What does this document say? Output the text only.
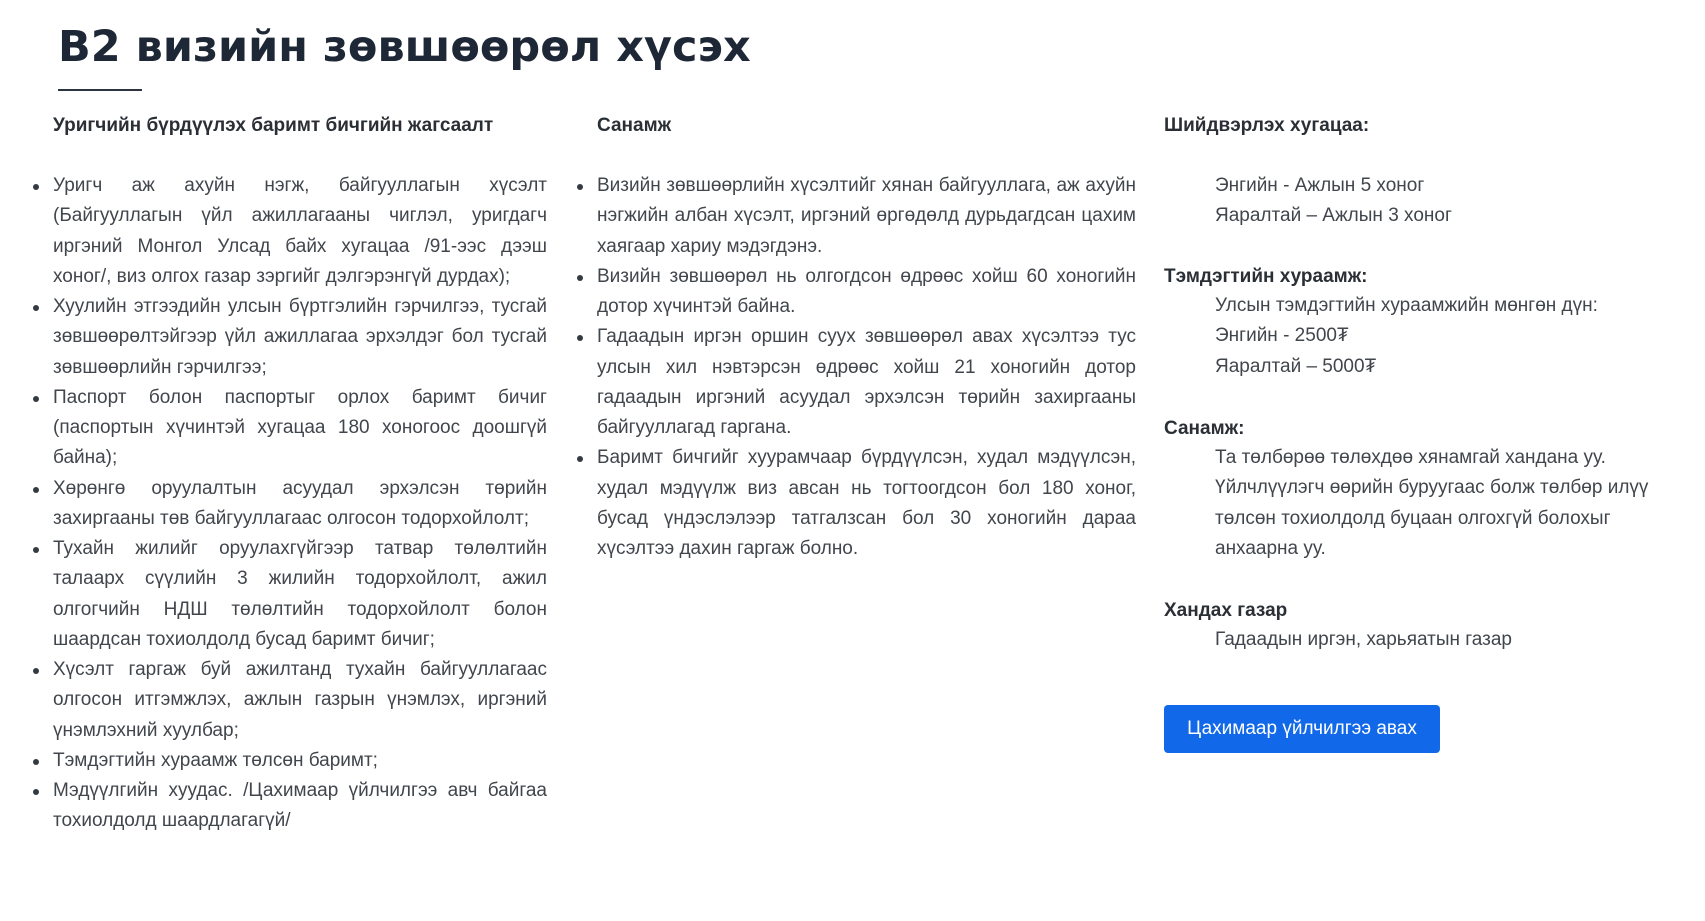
B2 визийн зөвшөөрөл хүсэх
Уригчийн бүрдүүлэх баримт бичгийн жагсаалт
Уригч аж ахуйн нэгж, байгууллагын хүсэлт (Байгууллагын үйл ажиллагааны чиглэл, уригдагч иргэний Монгол Улсад байх хугацаа /91-ээс дээш хоног/, виз олгох газар зэргийг дэлгэрэнгүй дурдах);
Хуулийн этгээдийн улсын бүртгэлийн гэрчилгээ, тусгай зөвшөөрөлтэйгээр үйл ажиллагаа эрхэлдэг бол тусгай зөвшөөрлийн гэрчилгээ;
Паспорт болон паспортыг орлох баримт бичиг (паспортын хүчинтэй хугацаа 180 хоногоос доошгүй байна);
Хөрөнгө оруулалтын асуудал эрхэлсэн төрийн захиргааны төв байгууллагаас олгосон тодорхойлолт;
Тухайн жилийг оруулахгүйгээр татвар төлөлтийн талаарх сүүлийн 3 жилийн тодорхойлолт, ажил олгогчийн НДШ төлөлтийн тодорхойлолт болон шаардсан тохиолдолд бусад баримт бичиг;
Хүсэлт гаргаж буй ажилтанд тухайн байгууллагаас олгосон итгэмжлэх, ажлын газрын үнэмлэх, иргэний үнэмлэхний хуулбар;
Тэмдэгтийн хураамж төлсөн баримт;
Мэдүүлгийн хуудас. /Цахимаар үйлчилгээ авч байгаа тохиолдолд шаардлагагүй/
Санамж
Визийн зөвшөөрлийн хүсэлтийг хянан байгууллага, аж ахуйн нэгжийн албан хүсэлт, иргэний өргөдөлд дурьдагдсан цахим хаягаар хариу мэдэгдэнэ.
Визийн зөвшөөрөл нь олгогдсон өдрөөс хойш 60 хоногийн дотор хүчинтэй байна.
Гадаадын иргэн оршин суух зөвшөөрөл авах хүсэлтээ тус улсын хил нэвтэрсэн өдрөөс хойш 21 хоногийн дотор гадаадын иргэний асуудал эрхэлсэн төрийн захиргааны байгууллагад гаргана.
Баримт бичгийг хуурамчаар бүрдүүлсэн, худал мэдүүлсэн, худал мэдүүлж виз авсан нь тогтоогдсон бол 180 хоног, бусад үндэслэлээр татгалзсан бол 30 хоногийн дараа хүсэлтээ дахин гаргаж болно.
Шийдвэрлэх хугацаа:
Энгийн - Ажлын 5 хоног
Яаралтай – Ажлын 3 хоног
Тэмдэгтийн хураамж:
Улсын тэмдэгтийн хураамжийн мөнгөн дүн:
Энгийн - 2500₮
Яаралтай – 5000₮
Санамж:
Та төлбөрөө төлөхдөө хянамгай хандана уу.
Үйлчлүүлэгч өөрийн буруугаас болж төлбөр илүү төлсөн тохиолдолд буцаан олгохгүй болохыг анхаарна уу.
Хандах газар
Гадаадын иргэн, харьяатын газар
Цахимаар үйлчилгээ авах
